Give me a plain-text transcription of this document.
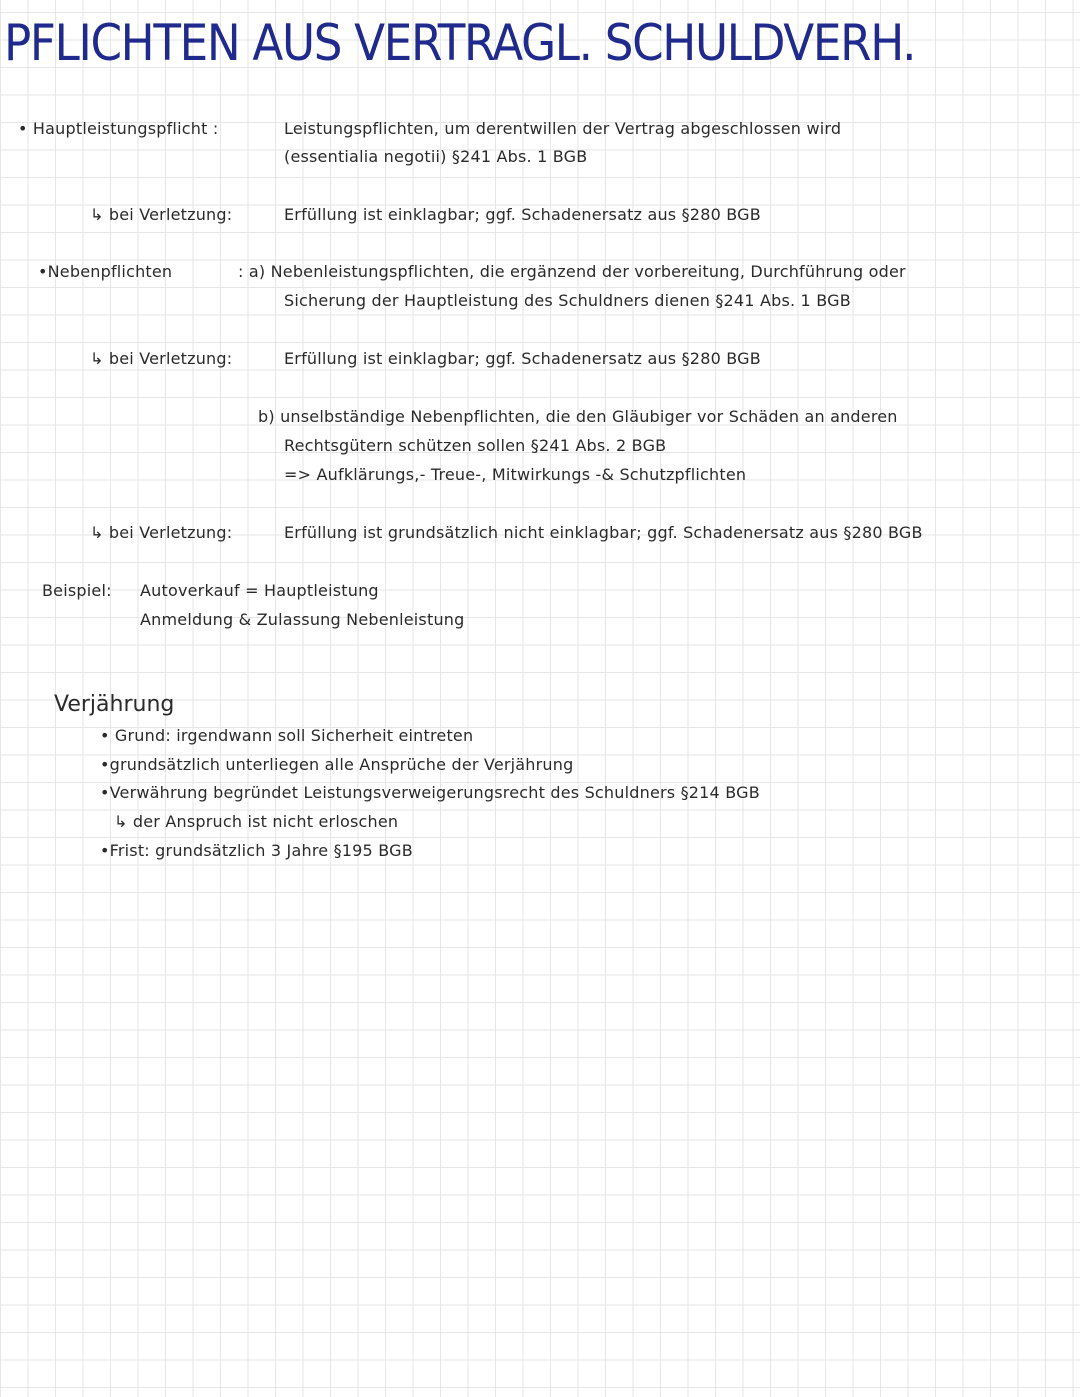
PFLICHTEN AUS VERTRAGL. SCHULDVERH.
• Hauptleistungspflicht :	Leistungspflichten, um derentwillen der Vertrag abgeschlossen wird
(essentialia negotii) §241 Abs. 1 BGB
↳ bei Verletzung:	Erfüllung ist einklagbar; ggf. Schadenersatz aus §280 BGB
•Nebenpflichten	: a) Nebenleistungspflichten, die ergänzend der vorbereitung, Durchführung oder
Sicherung der Hauptleistung des Schuldners dienen §241 Abs. 1 BGB
↳ bei Verletzung:	Erfüllung ist einklagbar; ggf. Schadenersatz aus §280 BGB
b) unselbständige Nebenpflichten, die den Gläubiger vor Schäden an anderen
Rechtsgütern schützen sollen §241 Abs. 2 BGB
=> Aufklärungs,- Treue-, Mitwirkungs -& Schutzpflichten
↳ bei Verletzung:	Erfüllung ist grundsätzlich nicht einklagbar; ggf. Schadenersatz aus §280 BGB
Beispiel: Autoverkauf = Hauptleistung
Anmeldung & Zulassung Nebenleistung
Verjährung
• Grund: irgendwann soll Sicherheit eintreten
•grundsätzlich unterliegen alle Ansprüche der Verjährung
•Verwährung begründet Leistungsverweigerungsrecht des Schuldners §214 BGB
↳ der Anspruch ist nicht erloschen
•Frist: grundsätzlich 3 Jahre §195 BGB
